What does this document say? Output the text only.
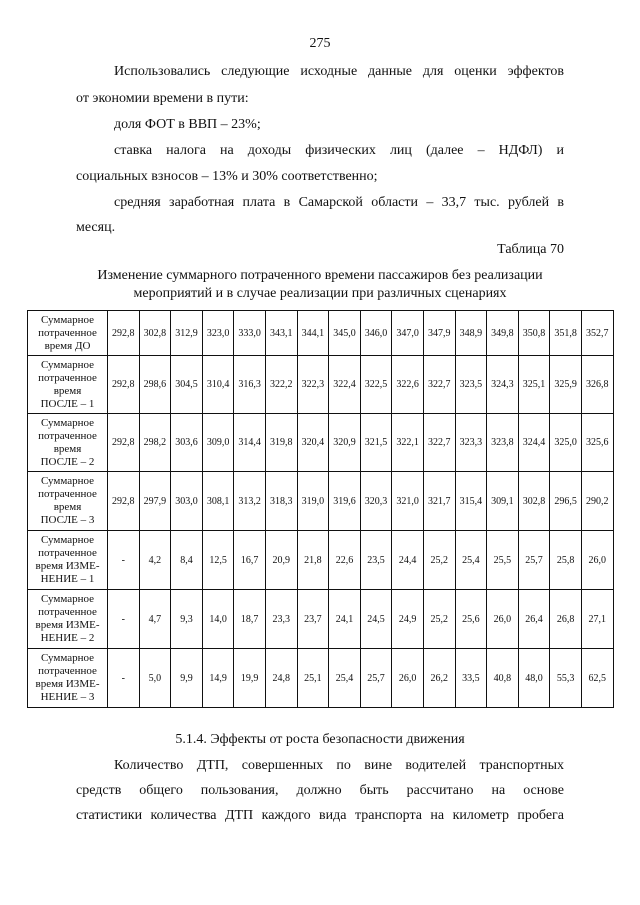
275
Использовались следующие исходные данные для оценки эффектов
от экономии времени в пути:
доля ФОТ в ВВП – 23%;
ставка налога на доходы физических лиц (далее – НДФЛ) и
социальных взносов – 13% и 30% соответственно;
средняя заработная плата в Самарской области – 33,7 тыс. рублей в
месяц.
Таблица 70
Изменение суммарного потраченного времени пассажиров без реализации
мероприятий и в случае реализации при различных сценариях
Суммарное
потраченное
время ДО	292,8	302,8	312,9	323,0	333,0	343,1	344,1	345,0	346,0	347,0	347,9	348,9	349,8	350,8	351,8	352,7

Суммарное
потраченное
время
ПОСЛЕ – 1	292,8	298,6	304,5	310,4	316,3	322,2	322,3	322,4	322,5	322,6	322,7	323,5	324,3	325,1	325,9	326,8

Суммарное
потраченное
время
ПОСЛЕ – 2	292,8	298,2	303,6	309,0	314,4	319,8	320,4	320,9	321,5	322,1	322,7	323,3	323,8	324,4	325,0	325,6

Суммарное
потраченное
время
ПОСЛЕ – 3	292,8	297,9	303,0	308,1	313,2	318,3	319,0	319,6	320,3	321,0	321,7	315,4	309,1	302,8	296,5	290,2

Суммарное
потраченное
время ИЗМЕ-
НЕНИЕ – 1	-	4,2	8,4	12,5	16,7	20,9	21,8	22,6	23,5	24,4	25,2	25,4	25,5	25,7	25,8	26,0

Суммарное
потраченное
время ИЗМЕ-
НЕНИЕ – 2	-	4,7	9,3	14,0	18,7	23,3	23,7	24,1	24,5	24,9	25,2	25,6	26,0	26,4	26,8	27,1

Суммарное
потраченное
время ИЗМЕ-
НЕНИЕ – 3	-	5,0	9,9	14,9	19,9	24,8	25,1	25,4	25,7	26,0	26,2	33,5	40,8	48,0	55,3	62,5
5.1.4. Эффекты от роста безопасности движения
Количество ДТП, совершенных по вине водителей транспортных
средств общего пользования, должно быть рассчитано на основе
статистики количества ДТП каждого вида транспорта на километр пробега
